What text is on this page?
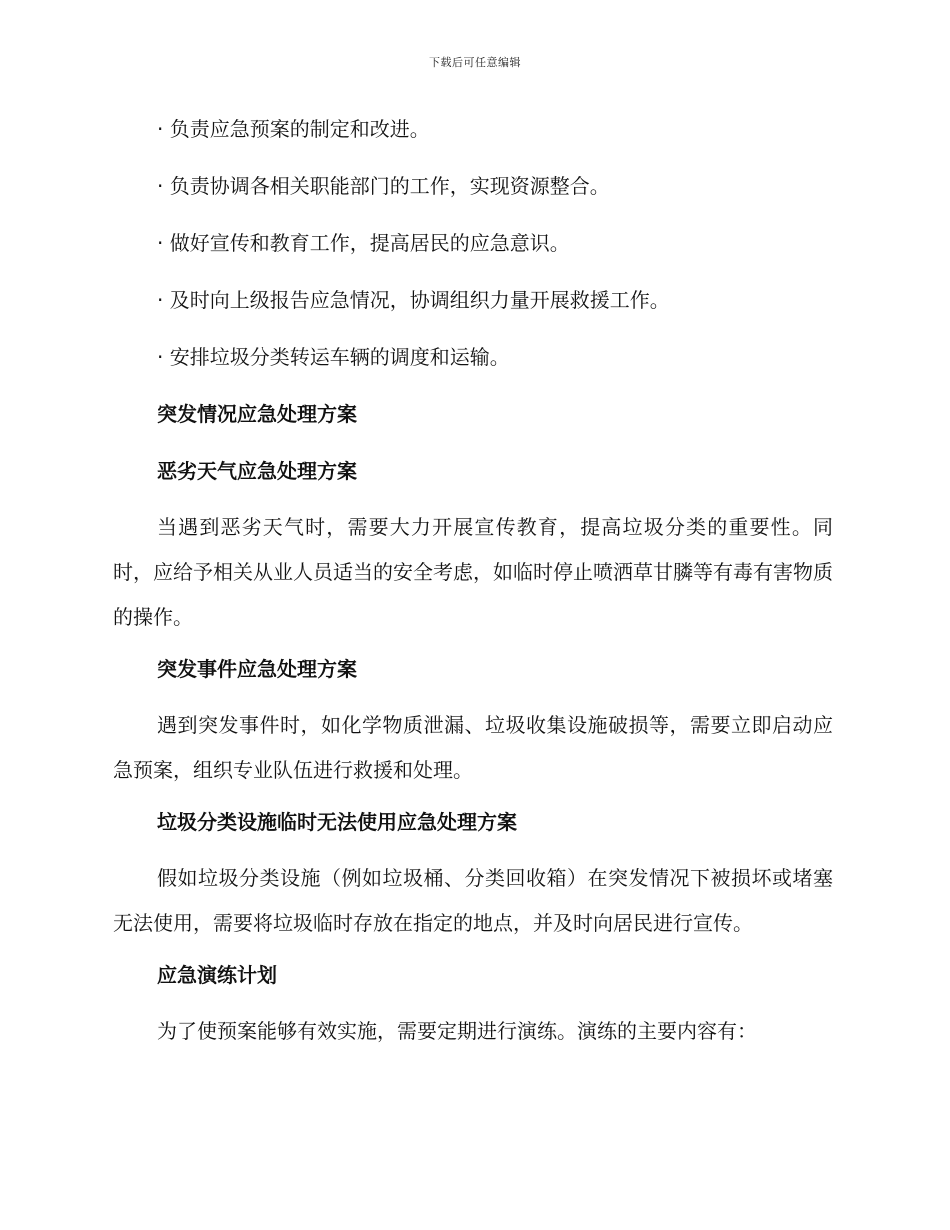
下载后可任意编辑

· 负责应急预案的制定和改进。

· 负责协调各相关职能部门的工作，实现资源整合。

· 做好宣传和教育工作，提高居民的应急意识。

· 及时向上级报告应急情况，协调组织力量开展救援工作。

· 安排垃圾分类转运车辆的调度和运输。

突发情况应急处理方案

恶劣天气应急处理方案

当遇到恶劣天气时，需要大力开展宣传教育，提高垃圾分类的重要性。同时，应给予相关从业人员适当的安全考虑，如临时停止喷洒草甘膦等有毒有害物质的操作。

突发事件应急处理方案

遇到突发事件时，如化学物质泄漏、垃圾收集设施破损等，需要立即启动应急预案，组织专业队伍进行救援和处理。

垃圾分类设施临时无法使用应急处理方案

假如垃圾分类设施（例如垃圾桶、分类回收箱）在突发情况下被损坏或堵塞无法使用，需要将垃圾临时存放在指定的地点，并及时向居民进行宣传。

应急演练计划

为了使预案能够有效实施，需要定期进行演练。演练的主要内容有：
